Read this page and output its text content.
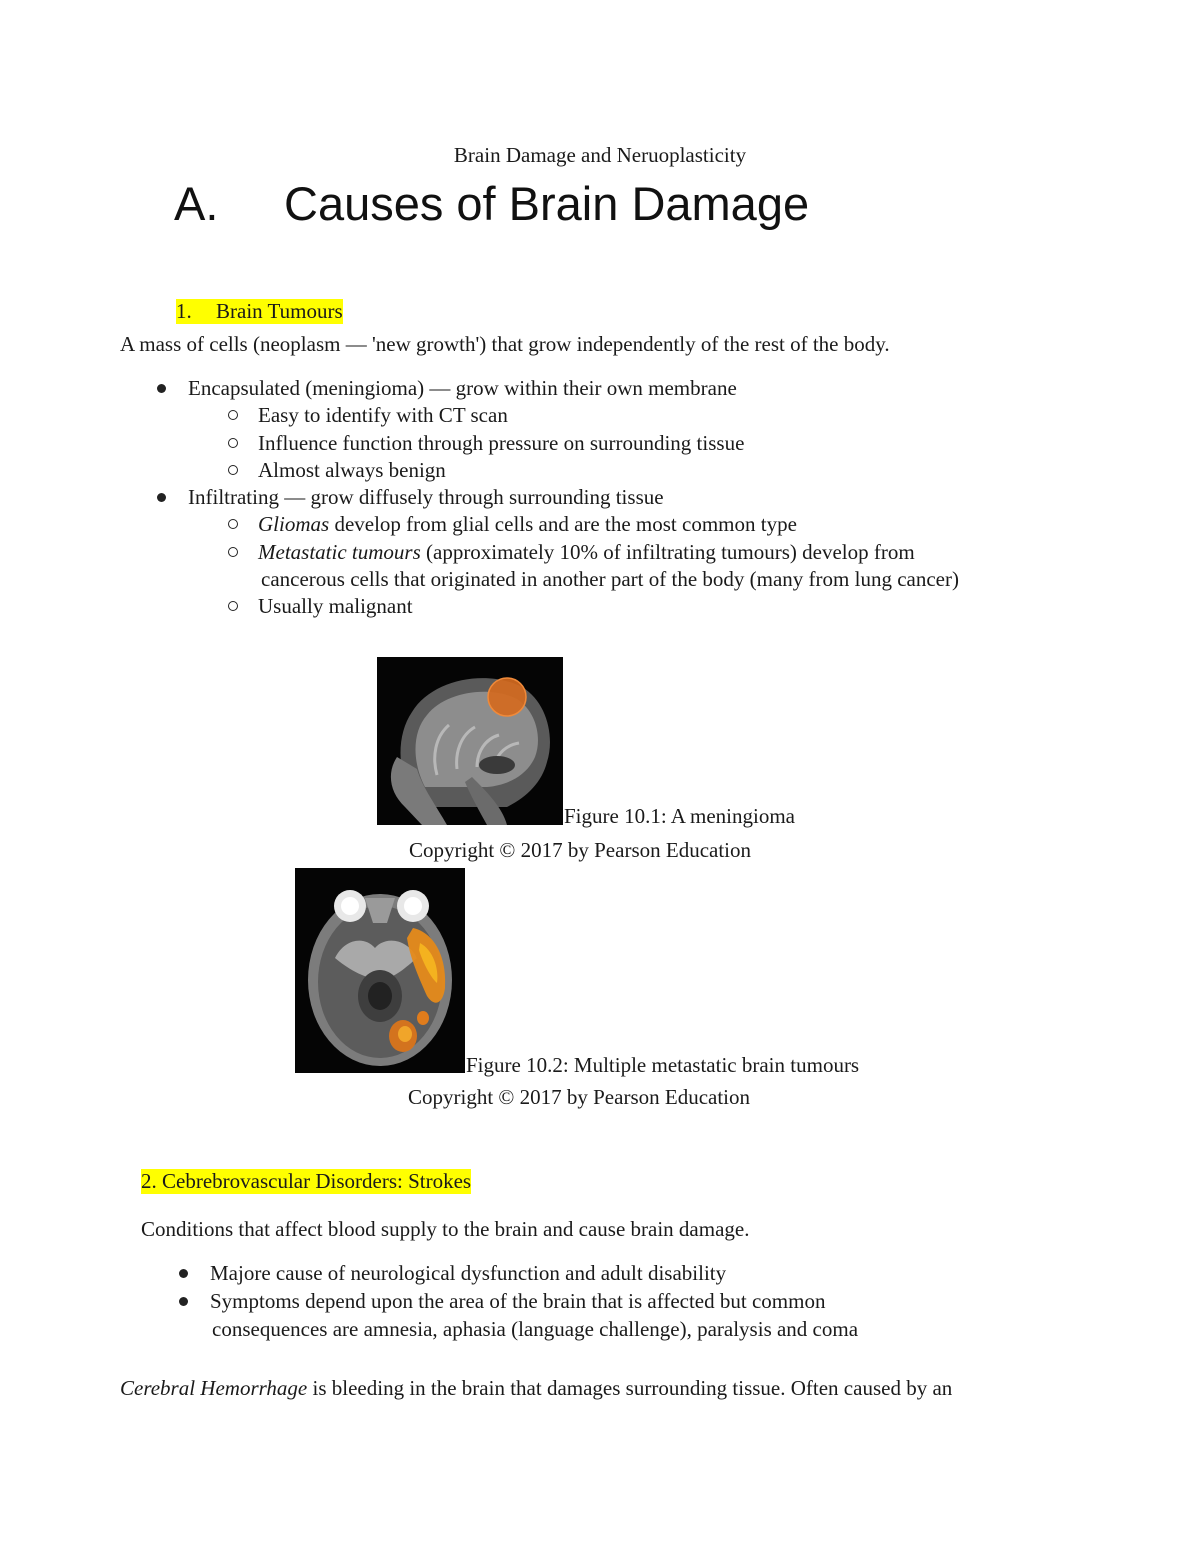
Brain Damage and Neruoplasticity
A. Causes of Brain Damage
1. Brain Tumours
A mass of cells (neoplasm — 'new growth') that grow independently of the rest of the body.
Encapsulated (meningioma) — grow within their own membrane
Easy to identify with CT scan
Influence function through pressure on surrounding tissue
Almost always benign
Infiltrating — grow diffusely through surrounding tissue
Gliomas develop from glial cells and are the most common type
Metastatic tumours (approximately 10% of infiltrating tumours) develop from
cancerous cells that originated in another part of the body (many from lung cancer)
Usually malignant
Figure 10.1: A meningioma
Copyright © 2017 by Pearson Education
Figure 10.2: Multiple metastatic brain tumours
Copyright © 2017 by Pearson Education
2. Cebrebrovascular Disorders: Strokes
Conditions that affect blood supply to the brain and cause brain damage.
Majore cause of neurological dysfunction and adult disability
Symptoms depend upon the area of the brain that is affected but common
consequences are amnesia, aphasia (language challenge), paralysis and coma
Cerebral Hemorrhage is bleeding in the brain that damages surrounding tissue. Often caused by an
